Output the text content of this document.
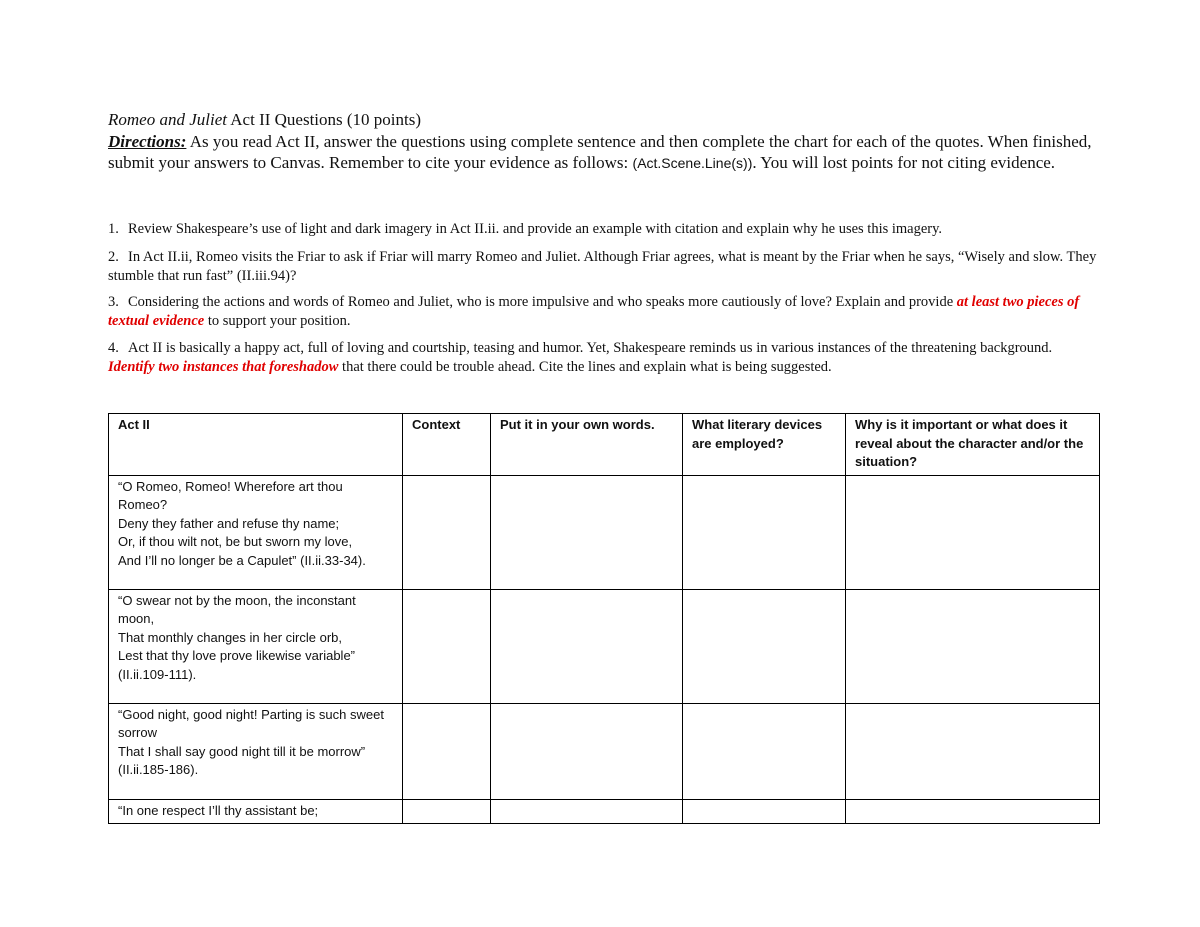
Romeo and Juliet Act II Questions (10 points)
Directions: As you read Act II, answer the questions using complete sentence and then complete the chart for each of the quotes. When finished, submit your answers to Canvas. Remember to cite your evidence as follows: (Act.Scene.Line(s)). You will lost points for not citing evidence.
1. Review Shakespeare’s use of light and dark imagery in Act II.ii. and provide an example with citation and explain why he uses this imagery.
2. In Act II.ii, Romeo visits the Friar to ask if Friar will marry Romeo and Juliet. Although Friar agrees, what is meant by the Friar when he says, “Wisely and slow. They stumble that run fast” (II.iii.94)?
3. Considering the actions and words of Romeo and Juliet, who is more impulsive and who speaks more cautiously of love? Explain and provide at least two pieces of textual evidence to support your position.
4. Act II is basically a happy act, full of loving and courtship, teasing and humor. Yet, Shakespeare reminds us in various instances of the threatening background. Identify two instances that foreshadow that there could be trouble ahead. Cite the lines and explain what is being suggested.
Act II	Context	Put it in your own words.	What literary devices are employed?	Why is it important or what does it reveal about the character and/or the situation?

“O Romeo, Romeo! Wherefore art thou Romeo?
Deny they father and refuse thy name;
Or, if thou wilt not, be but sworn my love,
And I’ll no longer be a Capulet” (II.ii.33-34).				

“O swear not by the moon, the inconstant moon,
That monthly changes in her circle orb,
Lest that thy love prove likewise variable” (II.ii.109-111).				

“Good night, good night! Parting is such sweet sorrow
That I shall say good night till it be morrow” (II.ii.185-186).				

“In one respect I’ll thy assistant be;				
